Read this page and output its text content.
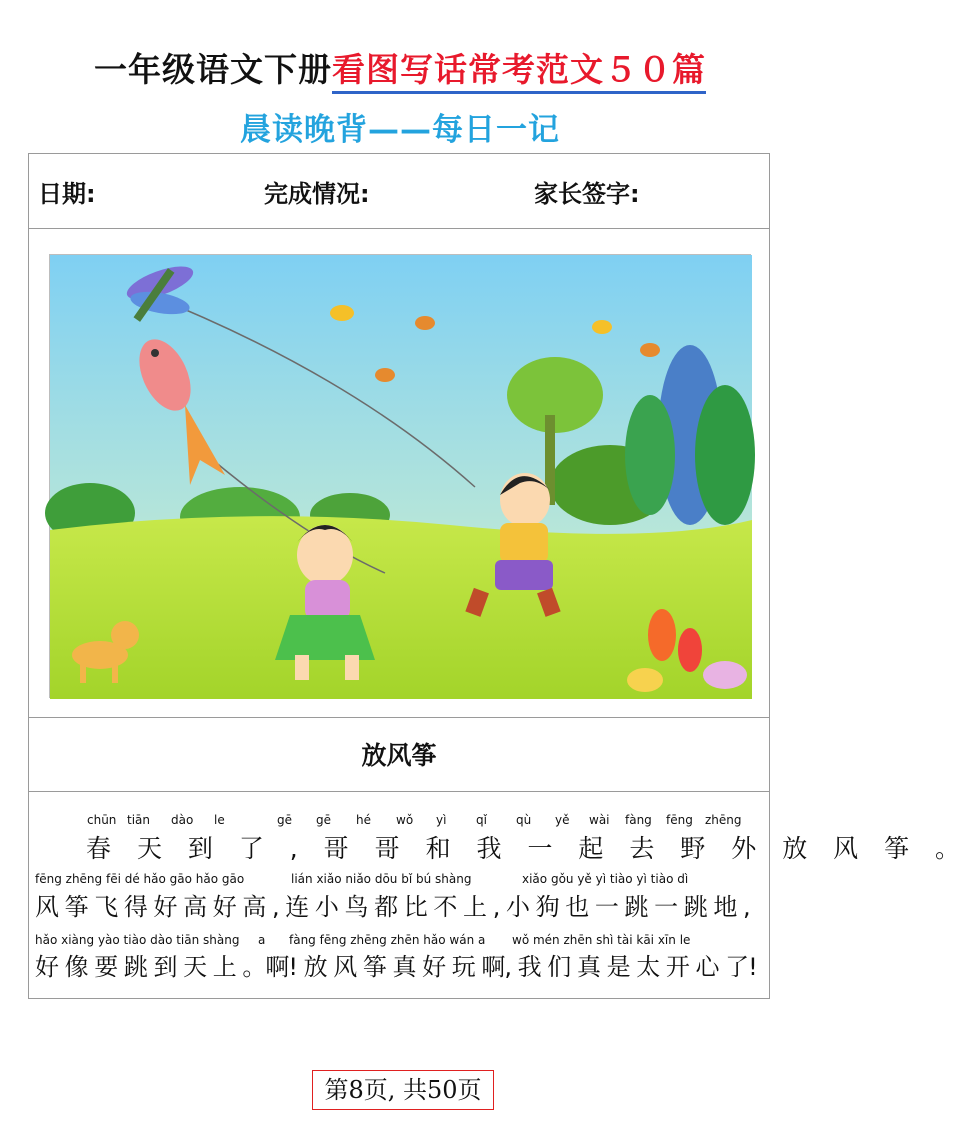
一年级语文下册看图写话常考范文５０篇
晨读晚背——每日一记
日期:	完成情况:	家长签字:
放风筝
chūn tiān dào le	gē gē hé wǒ yì qǐ qù yě wài fàng fēng zhēng
春 天 到 了 , 哥 哥 和 我 一 起 去 野 外 放 风 筝 。
fēng zhēng fēi dé hǎo gāo hǎo gāo	lián xiǎo niǎo dōu bǐ bú shàng	xiǎo gǒu yě yì tiào yì tiào dì
风 筝 飞 得 好 高 好 高 , 连 小 鸟 都 比 不 上 , 小 狗 也 一 跳 一 跳 地 ,
hǎo xiàng yào tiào dào tiān shàng a fàng fēng zhēng zhēn hǎo wán a wǒ mén zhēn shì tài kāi xīn le
好 像 要 跳 到 天 上 。啊! 放 风 筝 真 好 玩 啊, 我 们 真 是 太 开 心 了!
第8页, 共50页
